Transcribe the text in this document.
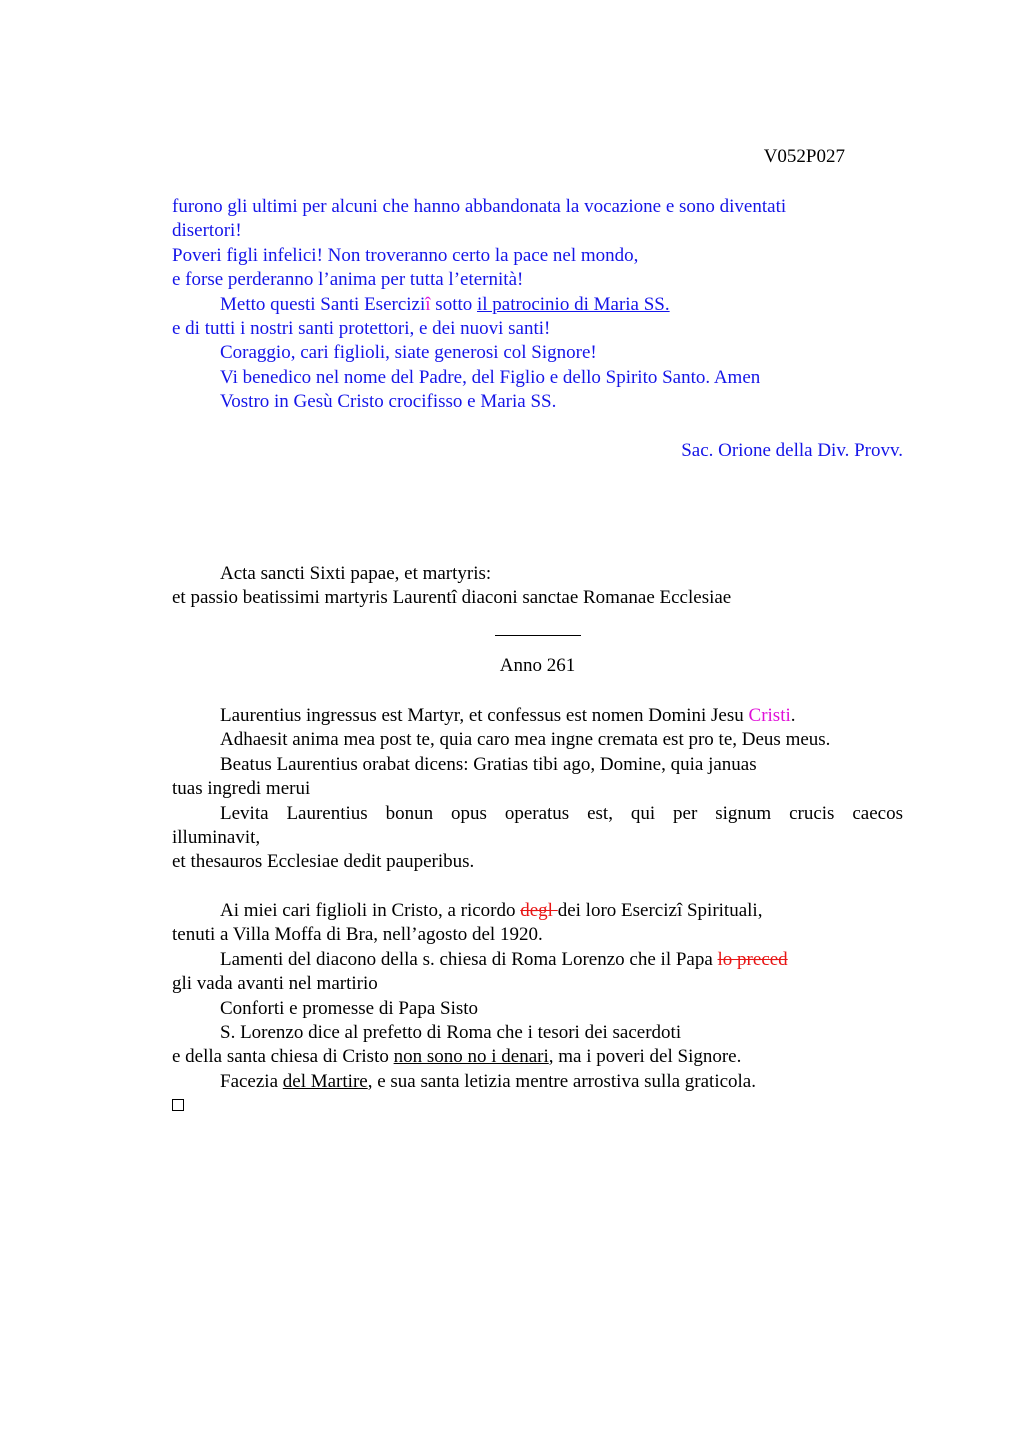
V052P027

furono gli ultimi per alcuni che hanno abbandonata la vocazione e sono diventati

disertori!

Poveri figli infelici! Non troveranno certo la pace nel mondo,

e forse perderanno l’anima per tutta l’eternità!

Metto questi Santi Eserciziî sotto il patrocinio di Maria SS.

e di tutti i nostri santi protettori, e dei nuovi santi!

Coraggio, cari figlioli, siate generosi col Signore!

Vi benedico nel nome del Padre, del Figlio e dello Spirito Santo. Amen

Vostro in Gesù Cristo crocifisso e Maria SS.

Sac. Orione della Div. Provv.

Acta sancti Sixti papae, et martyris:

et passio beatissimi martyris Laurentî diaconi sanctae Romanae Ecclesiae

Anno 261

Laurentius ingressus est Martyr, et confessus est nomen Domini Jesu Cristi.

Adhaesit anima mea post te, quia caro mea ingne cremata est pro te, Deus meus.

Beatus Laurentius orabat dicens: Gratias tibi ago, Domine, quia januas

tuas ingredi merui

Levita Laurentius bonun opus operatus est, qui per signum crucis caecos

illuminavit,

et thesauros Ecclesiae dedit pauperibus.

Ai miei cari figlioli in Cristo, a ricordo degl dei loro Esercizî Spirituali,

tenuti a Villa Moffa di Bra, nell’agosto del 1920.

Lamenti del diacono della s. chiesa di Roma Lorenzo che il Papa lo preced

gli vada avanti nel martirio

Conforti e promesse di Papa Sisto

S. Lorenzo dice al prefetto di Roma che i tesori dei sacerdoti

e della santa chiesa di Cristo non sono no i denari, ma i poveri del Signore.

Facezia del Martire, e sua santa letizia mentre arrostiva sulla graticola.
